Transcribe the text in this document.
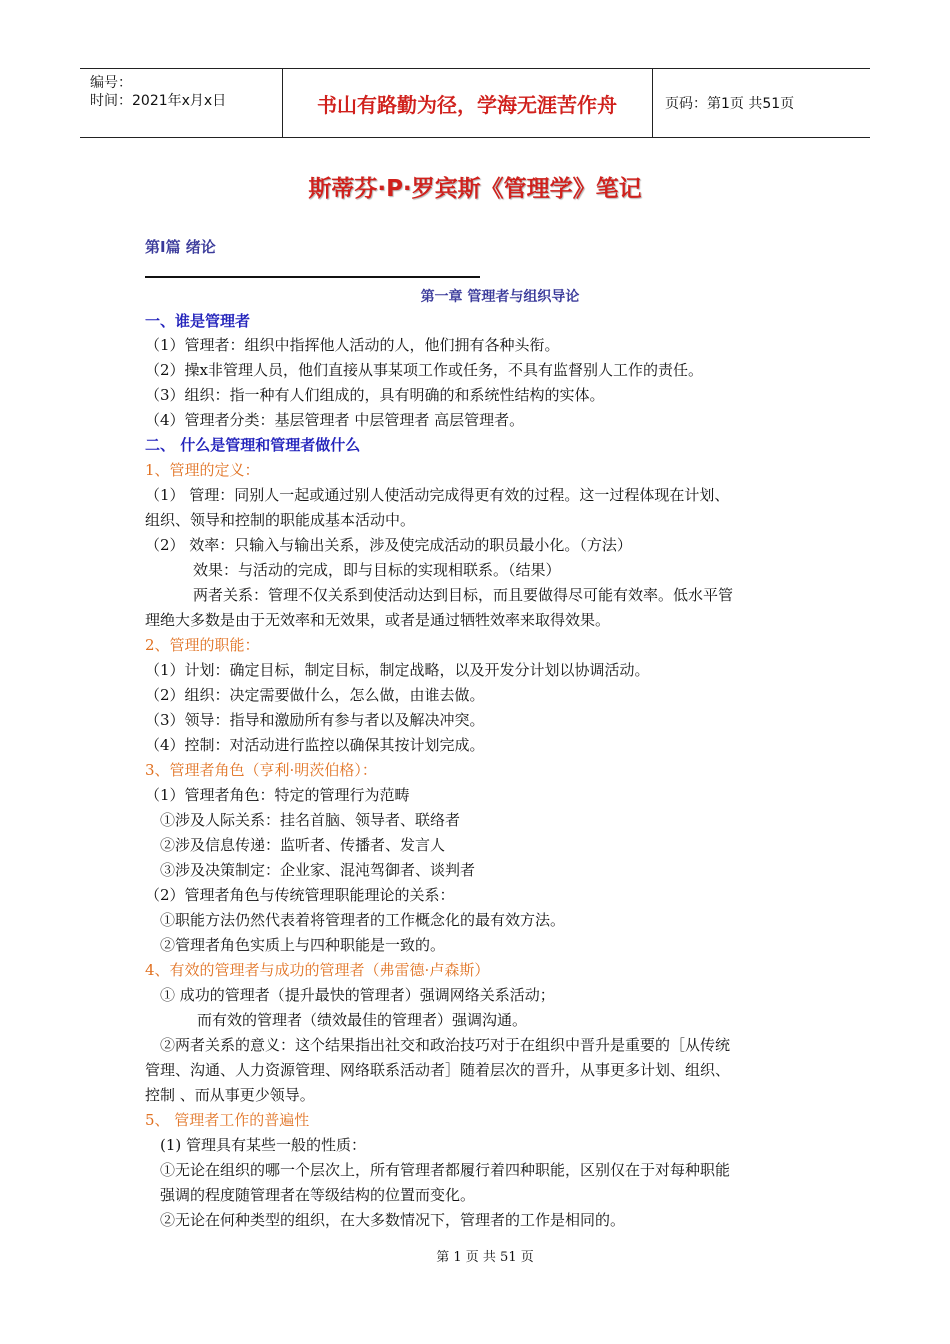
编号：
时间：2021年x月x日	书山有路勤为径，学海无涯苦作舟	页码：第1页 共51页
斯蒂芬·P·罗宾斯《管理学》笔记
第Ⅰ篇 绪论
第一章 管理者与组织导论
一、谁是管理者
（1）管理者：组织中指挥他人活动的人，他们拥有各种头衔。
（2）操x非管理人员，他们直接从事某项工作或任务，不具有监督别人工作的责任。
（3）组织：指一种有人们组成的，具有明确的和系统性结构的实体。
（4）管理者分类：基层管理者 中层管理者 高层管理者。
二、 什么是管理和管理者做什么
1、管理的定义：
（1） 管理：同别人一起或通过别人使活动完成得更有效的过程。这一过程体现在计划、
组织、领导和控制的职能成基本活动中。
（2） 效率：只输入与输出关系，涉及使完成活动的职员最小化。（方法）
效果：与活动的完成，即与目标的实现相联系。（结果）
两者关系：管理不仅关系到使活动达到目标，而且要做得尽可能有效率。低水平管
理绝大多数是由于无效率和无效果，或者是通过牺牲效率来取得效果。
2、管理的职能：
（1）计划：确定目标，制定目标，制定战略，以及开发分计划以协调活动。
（2）组织：决定需要做什么，怎么做，由谁去做。
（3）领导：指导和激励所有参与者以及解决冲突。
（4）控制：对活动进行监控以确保其按计划完成。
3、管理者角色（亨利·明茨伯格）：
（1）管理者角色：特定的管理行为范畴
①涉及人际关系：挂名首脑、领导者、联络者
②涉及信息传递：监听者、传播者、发言人
③涉及决策制定：企业家、混沌驾御者、谈判者
（2）管理者角色与传统管理职能理论的关系：
①职能方法仍然代表着将管理者的工作概念化的最有效方法。
②管理者角色实质上与四种职能是一致的。
4、有效的管理者与成功的管理者（弗雷德·卢森斯）
① 成功的管理者（提升最快的管理者）强调网络关系活动；
而有效的管理者（绩效最佳的管理者）强调沟通。
②两者关系的意义：这个结果指出社交和政治技巧对于在组织中晋升是重要的［从传统
管理、沟通、人力资源管理、网络联系活动者］随着层次的晋升，从事更多计划、组织、
控制 、而从事更少领导。
5、 管理者工作的普遍性
(1) 管理具有某些一般的性质：
①无论在组织的哪一个层次上，所有管理者都履行着四种职能，区别仅在于对每种职能
强调的程度随管理者在等级结构的位置而变化。
②无论在何种类型的组织，在大多数情况下，管理者的工作是相同的。
第 1 页 共 51 页
